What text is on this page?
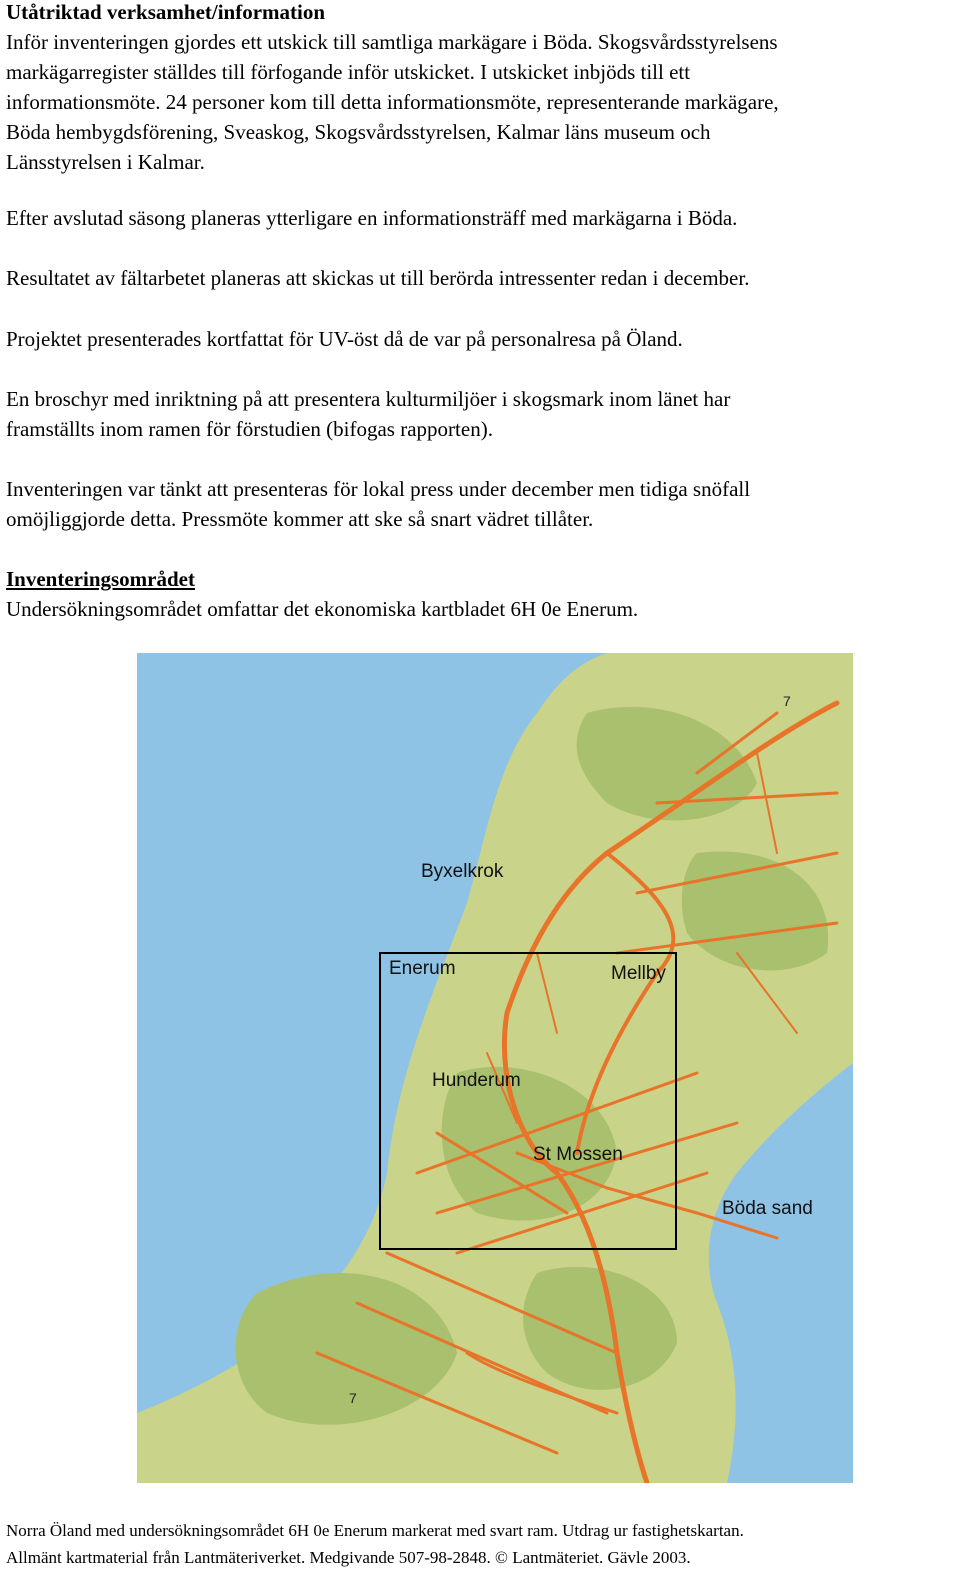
Utåtriktad verksamhet/information

Inför inventeringen gjordes ett utskick till samtliga markägare i Böda. Skogsvårdsstyrelsens

markägarregister ställdes till förfogande inför utskicket. I utskicket inbjöds till ett

informationsmöte. 24 personer kom till detta informationsmöte, representerande markägare,

Böda hembygdsförening, Sveaskog, Skogsvårdsstyrelsen, Kalmar läns museum och

Länsstyrelsen i Kalmar.

Efter avslutad säsong planeras ytterligare en informationsträff med markägarna i Böda.

Resultatet av fältarbetet planeras att skickas ut till berörda intressenter redan i december.

Projektet presenterades kortfattat för UV-öst då de var på personalresa på Öland.

En broschyr med inriktning på att presentera kulturmiljöer i skogsmark inom länet har

framställts inom ramen för förstudien (bifogas rapporten).

Inventeringen var tänkt att presenteras för lokal press under december men tidiga snöfall

omöjliggjorde detta. Pressmöte kommer att ske så snart vädret tillåter.

Inventeringsområdet

Undersökningsområdet omfattar det ekonomiska kartbladet 6H 0e Enerum.

Byxelkrok
Enerum	Mellby
Hunderum
St Mossen
Böda sand
7
7
Norra Öland med undersökningsområdet 6H 0e Enerum markerat med svart ram. Utdrag ur fastighetskartan.
Allmänt kartmaterial från Lantmäteriverket. Medgivande 507-98-2848. © Lantmäteriet. Gävle 2003.
